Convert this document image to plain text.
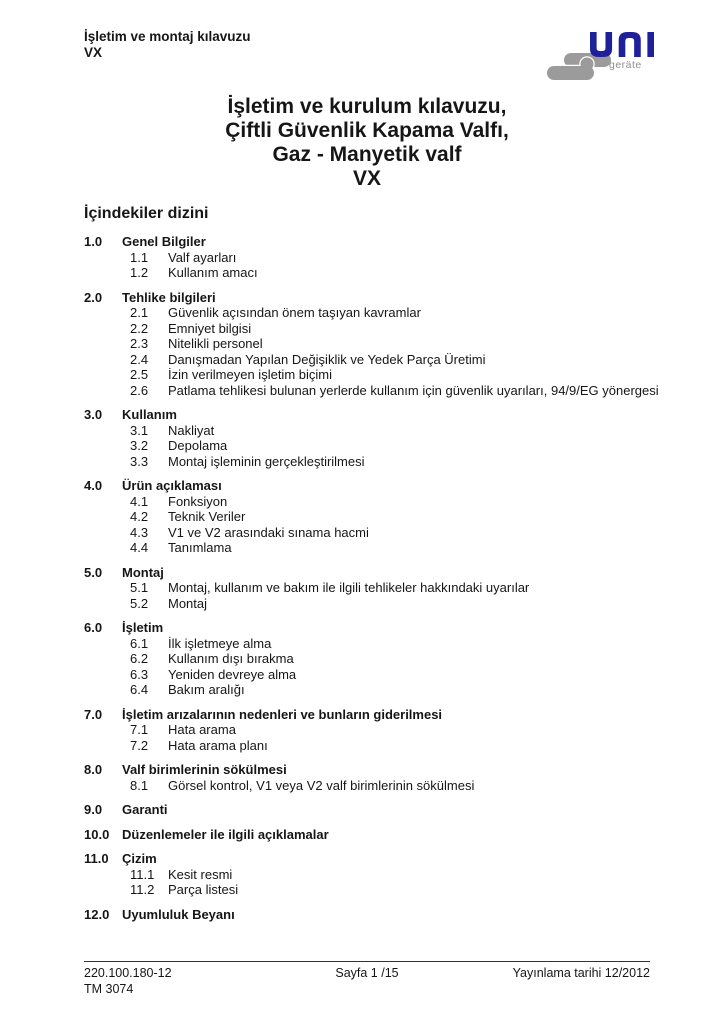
İşletim ve montaj kılavuzu
VX
geräte
İşletim ve kurulum kılavuzu,
Çiftli Güvenlik Kapama Valfı,
Gaz - Manyetik valf
VX
İçindekiler dizini
1.0	Genel Bilgiler
1.1	Valf ayarları
1.2	Kullanım amacı
2.0	Tehlike bilgileri
2.1	Güvenlik açısından önem taşıyan kavramlar
2.2	Emniyet bilgisi
2.3	Nitelikli personel
2.4	Danışmadan Yapılan Değişiklik ve Yedek Parça Üretimi
2.5	İzin verilmeyen işletim biçimi
2.6	Patlama tehlikesi bulunan yerlerde kullanım için güvenlik uyarıları, 94/9/EG yönergesi
3.0	Kullanım
3.1	Nakliyat
3.2	Depolama
3.3	Montaj işleminin gerçekleştirilmesi
4.0	Ürün açıklaması
4.1	Fonksiyon
4.2	Teknik Veriler
4.3	V1 ve V2 arasındaki sınama hacmi
4.4	Tanımlama
5.0	Montaj
5.1	Montaj, kullanım ve bakım ile ilgili tehlikeler hakkındaki uyarılar
5.2	Montaj
6.0	İşletim
6.1	İlk işletmeye alma
6.2	Kullanım dışı bırakma
6.3	Yeniden devreye alma
6.4	Bakım aralığı
7.0	İşletim arızalarının nedenleri ve bunların giderilmesi
7.1	Hata arama
7.2	Hata arama planı
8.0	Valf birimlerinin sökülmesi
8.1	Görsel kontrol, V1 veya V2 valf birimlerinin sökülmesi
9.0	Garanti
10.0 Düzenlemeler ile ilgili açıklamalar
11.0	Çizim
11.1	Kesit resmi
11.2	Parça listesi
12.0 Uyumluluk Beyanı
220.100.180-12
TM 3074
Sayfa 1 /15	Yayınlama tarihi 12/2012
